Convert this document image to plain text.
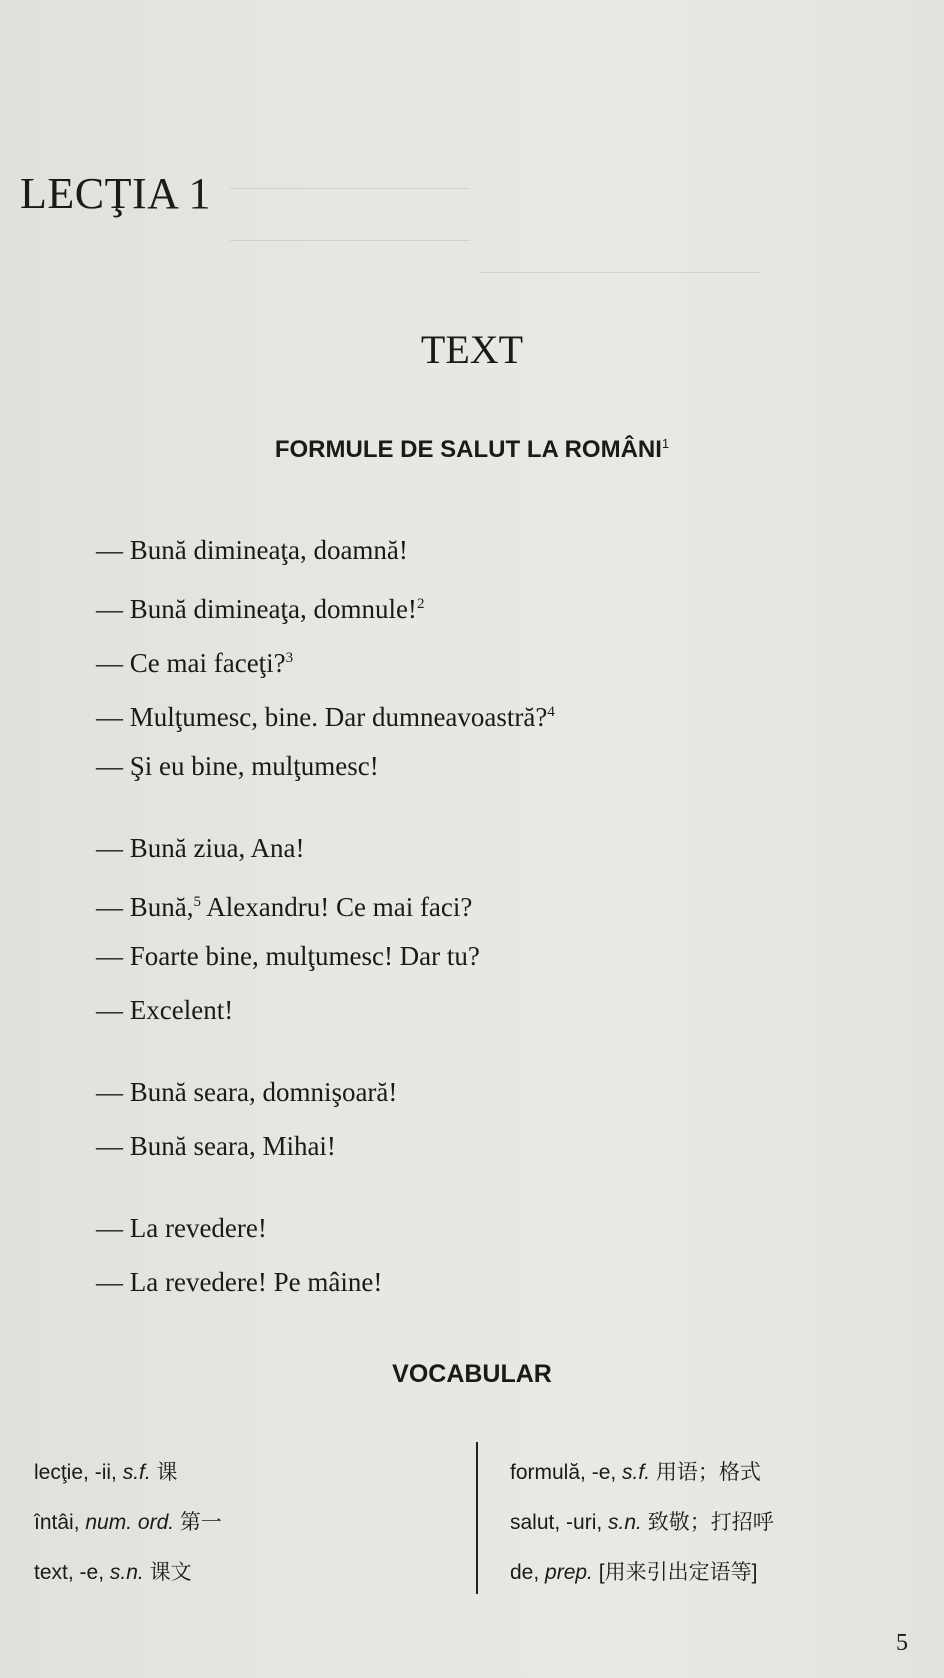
————————————
————————————
——————————————
LECŢIA 1
TEXT
FORMULE DE SALUT LA ROMÂNI$^1$
— Bună dimineaţa, doamnă!
— Bună dimineaţa, domnule!$^2$
— Ce mai faceţi?$^3$
— Mulţumesc, bine. Dar dumneavoastră?$^4$
— Şi eu bine, mulţumesc!
— Bună ziua, Ana!
— Bună,$^5$ Alexandru! Ce mai faci?
— Foarte bine, mulţumesc! Dar tu?
— Excelent!
— Bună seara, domnişoară!
— Bună seara, Mihai!
— La revedere!
— La revedere! Pe mâine!
VOCABULAR
lecţie, -ii, s.f. 课
întâi, num. ord. 第一
text, -e, s.n. 课文
formulă, -e, s.f. 用语；格式
salut, -uri, s.n. 致敬；打招呼
de, prep. [用来引出定语等]
5
